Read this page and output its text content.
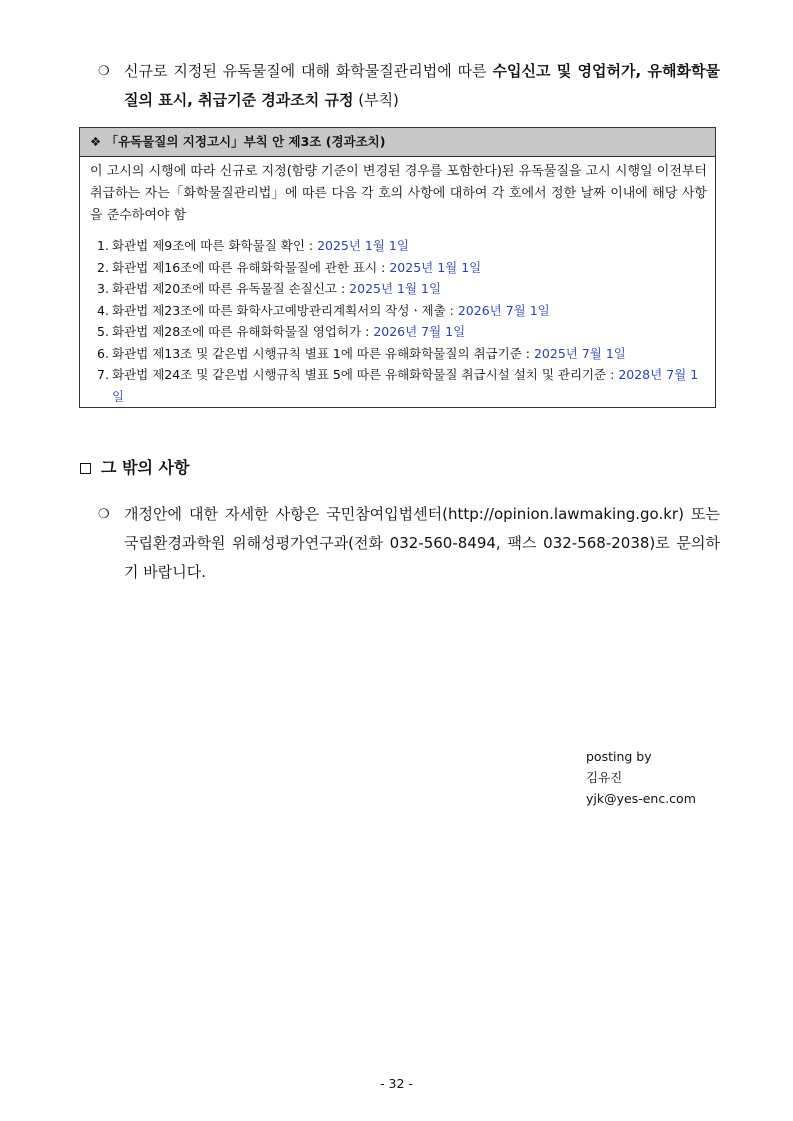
❍ 신규로 지정된 유독물질에 대해 화학물질관리법에 따른 수입신고 및 영업허가, 유해화학물질의 표시, 취급기준 경과조치 규정 (부칙)
❖ 「유독물질의 지정고시」부칙 안 제3조 (경과조치)

이 고시의 시행에 따라 신규로 지정(함량 기준이 변경된 경우를 포함한다)된 유독물질을 고시 시행일 이전부터 취급하는 자는「화학물질관리법」에 따른 다음 각 호의 사항에 대하여 각 호에서 정한 날짜 이내에 해당 사항을 준수하여야 함

1. 화관법 제9조에 따른 화학물질 확인 : 2025년 1월 1일
2. 화관법 제16조에 따른 유해화학물질에 관한 표시 : 2025년 1월 1일
3. 화관법 제20조에 따른 유독물질 손질신고 : 2025년 1월 1일
4. 화관법 제23조에 따른 화학사고예방관리계획서의 작성ㆍ제출 : 2026년 7월 1일
5. 화관법 제28조에 따른 유해화학물질 영업허가 : 2026년 7월 1일
6. 화관법 제13조 및 같은법 시행규칙 별표 1에 따른 유해화학물질의 취급기준 : 2025년 7월 1일
7. 화관법 제24조 및 같은법 시행규칙 별표 5에 따른 유해화학물질 취급시설 설치 및 관리기준 : 2028년 7월 1일
그 밖의 사항
❍ 개정안에 대한 자세한 사항은 국민참여입법센터(http://opinion.lawmaking.go.kr) 또는 국립환경과학원 위해성평가연구과(전화 032-560-8494, 팩스 032-568-2038)로 문의하기 바랍니다.
posting by
김유진
yjk@yes-enc.com
- 32 -
